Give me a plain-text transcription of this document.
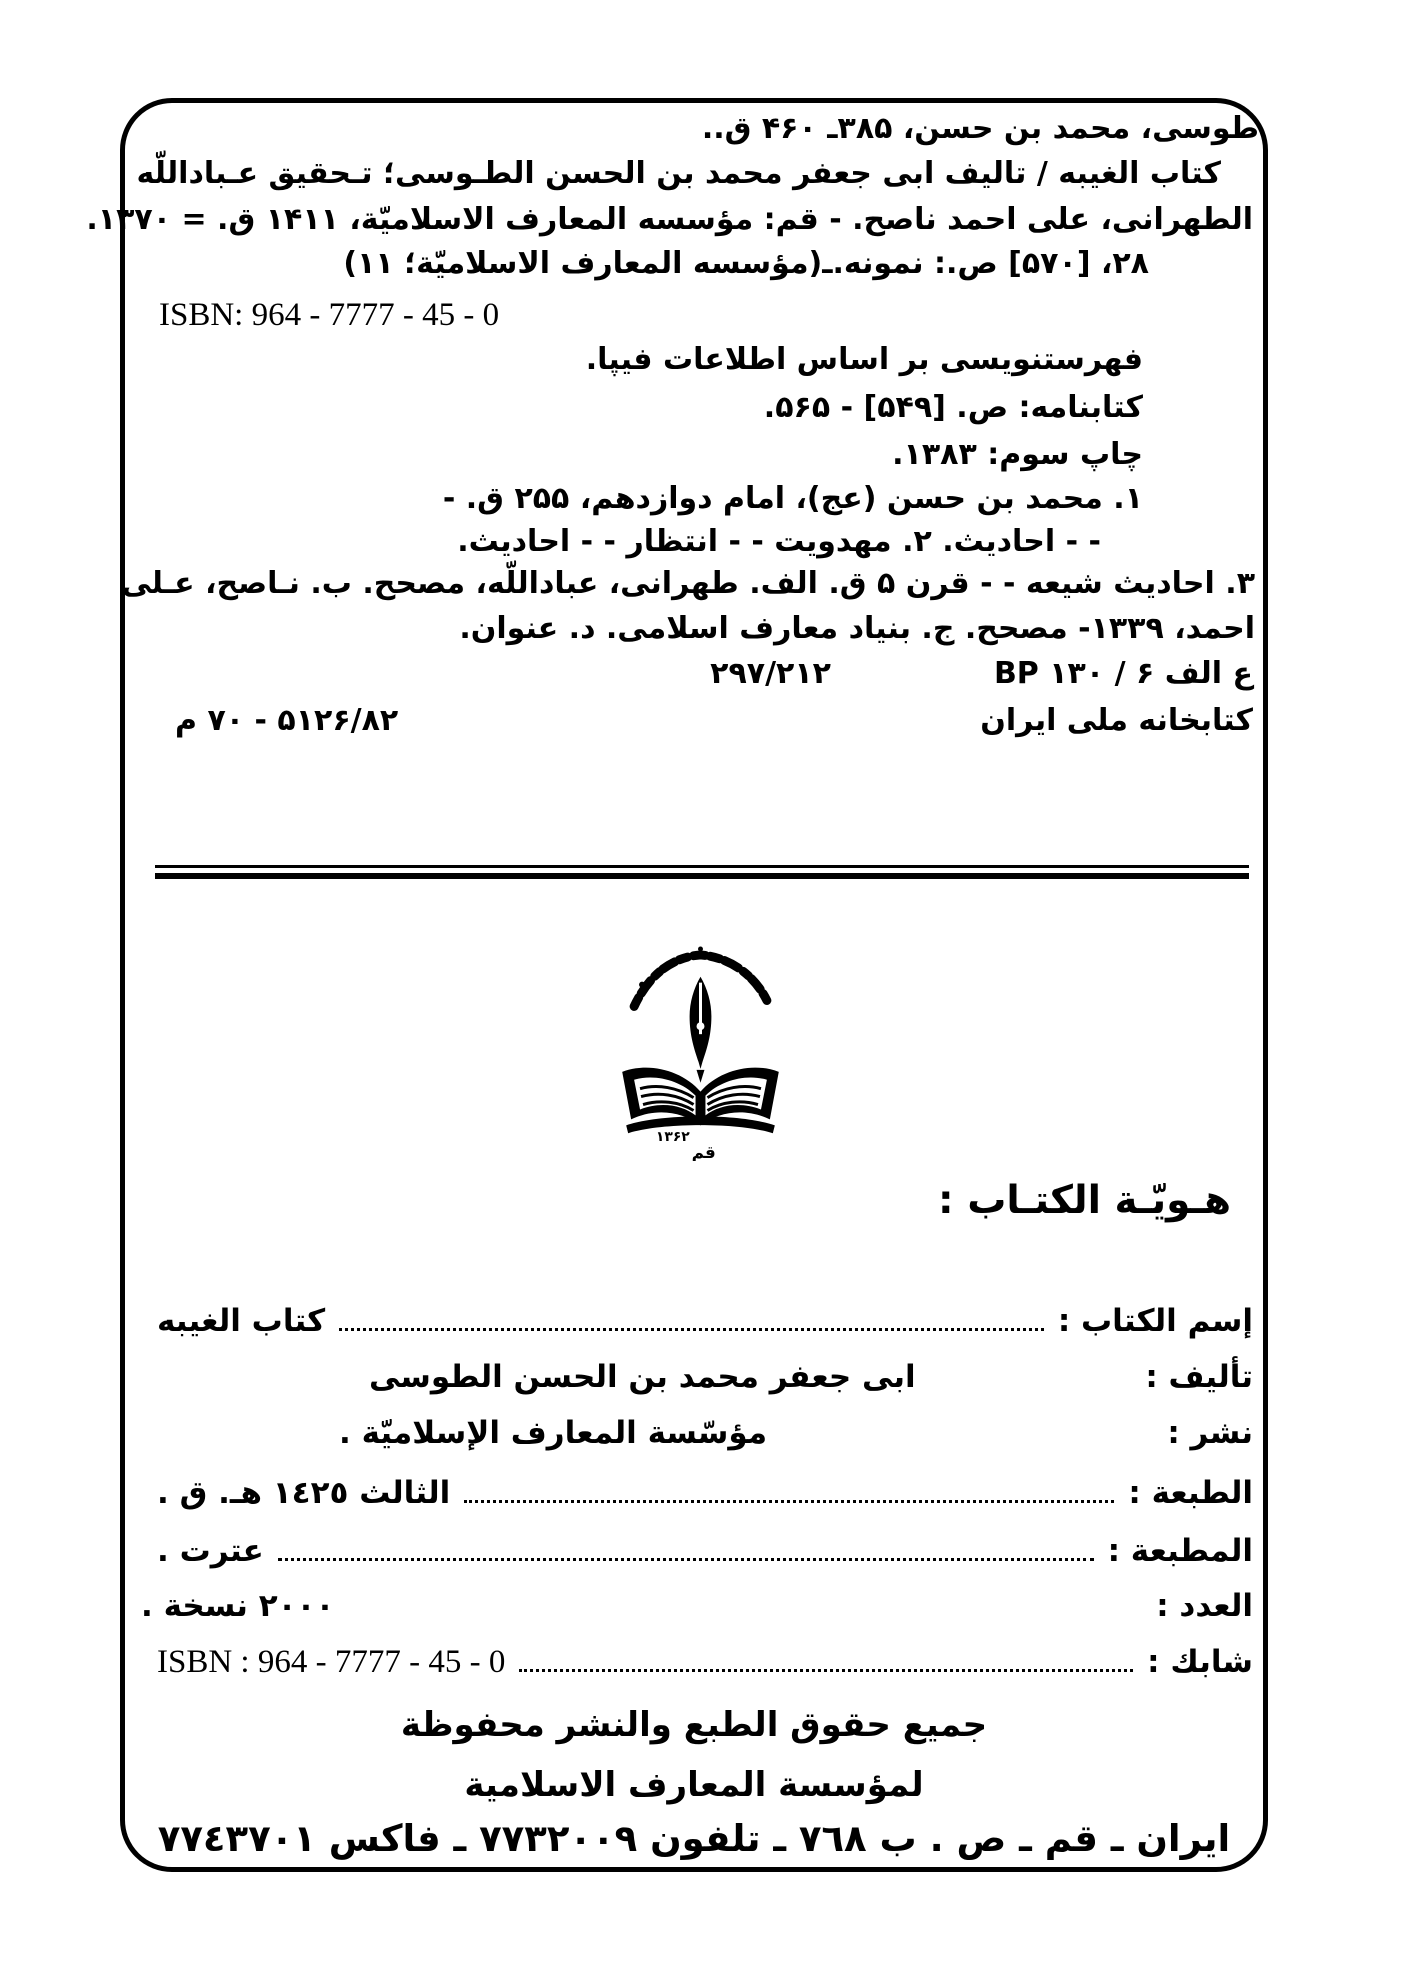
طوسى، محمد بن حسن، ۳۸۵ـ ۴۶۰ ق..
كتاب الغيبه / تاليف ابى جعفر محمد بن الحسن الطـوسى؛ تـحقيق عـباداللّه
الطهرانى، على احمد ناصح. - قم: مؤسسه المعارف الاسلاميّة، ۱۴۱۱ ق. = ۱۳۷۰.
۲۸، [۵۷۰] ص.: نمونه.ـ(مؤسسه المعارف الاسلاميّة؛ ۱۱)
ISBN: 964 - 7777 - 45 - 0
فهرستنويسى بر اساس اطلاعات فيپا.
كتابنامه: ص. [۵۴۹] - ۵۶۵.
چاپ سوم: ۱۳۸۳.
۱. محمد بن حسن (عج)، امام دوازدهم، ۲۵۵ ق. -
- - احاديث. ۲. مهدويت - - انتظار - - احاديث.
۳. احاديث شيعه - - قرن ۵ ق. الف. طهرانى، عباداللّه، مصحح. ب. نـاصح، عـلى
احمد، ۱۳۳۹- مصحح. ج. بنياد معارف اسلامى. د. عنوان.
ع الف BP ۱۳۰ / ۶
۲۹۷/۲۱۲
كتابخانه ملى ايران
۵۱۲۶/۸۲ - ۷۰ م
۱۳۶۲
قم
هـويّـة الكتـاب :
إسم الكتاب :
كتاب الغيبه
تأليف :
ابى جعفر محمد بن الحسن الطوسى
نشر :
مؤسّسة المعارف الإسلاميّة .
الطبعة :
الثالث ١٤٢٥ هـ. ق .
المطبعة :
عترت .
العدد :
٢٠٠٠ نسخة .
شابك :
ISBN : 964 - 7777 - 45 - 0
جميع حقوق الطبع والنشر محفوظة
لمؤسسة المعارف الاسلامية
ايران ـ قم ـ ص . ب ٧٦٨ ـ تلفون ٧٧٣٢٠٠٩ ـ فاكس ٧٧٤٣٧٠١
